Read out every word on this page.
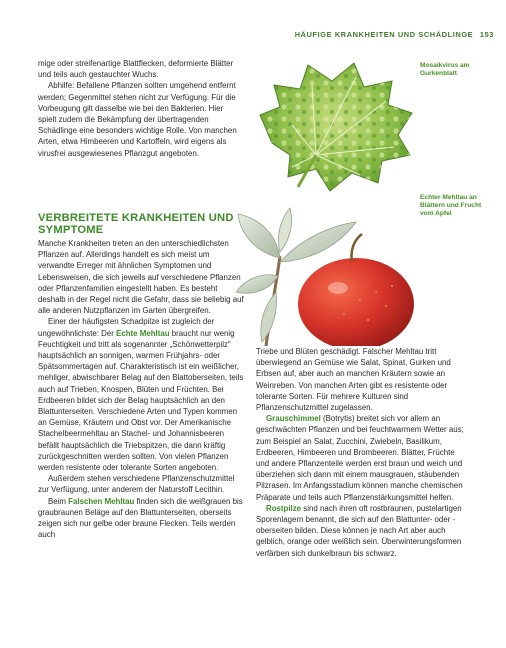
HÄUFIGE KRANKHEITEN UND SCHÄDLINGE 153

mige oder streifenartige Blattflecken, deformierte Blätter und teils auch gestauchter Wuchs.

Abhilfe: Befallene Pflanzen sollten umgehend entfernt werden; Gegenmittel stehen nicht zur Verfügung. Für die Vorbeugung gilt dasselbe wie bei den Bakterien. Hier spielt zudem die Bekämpfung der übertragenden Schädlinge eine besonders wichtige Rolle. Von manchen Arten, etwa Himbeeren und Kartoffeln, wird eigens als virusfrei ausgewiesenes Pflanzgut angeboten.

VERBREITETE KRANKHEITEN UND SYMPTOME

Manche Krankheiten treten an den unterschiedlichsten Pflanzen auf. Allerdings handelt es sich meist um verwandte Erreger mit ähnlichen Symptomen und Lebensweisen, die sich jeweils auf verschiedene Pflanzen oder Pflanzenfamilien eingestellt haben. Es besteht deshalb in der Regel nicht die Gefahr, dass sie beliebig auf alle anderen Nutzpflanzen im Garten übergreifen.

Einer der häufigsten Schadpilze ist zugleich der ungewöhnlichste: Der Echte Mehltau braucht nur wenig Feuchtigkeit und tritt als sogenannter „Schönwetterpilz" hauptsächlich an sonnigen, warmen Frühjahrs- oder Spätsommertagen auf. Charakteristisch ist ein weißlicher, mehliger, abwischbarer Belag auf den Blattoberseiten, teils auch auf Trieben, Knospen, Blüten und Früchten. Bei Erdbeeren bildet sich der Belag hauptsächlich an den Blattunterseiten. Verschiedene Arten und Typen kommen an Gemüse, Kräutern und Obst vor. Der Amerikanische Stachelbeermehltau an Stachel- und Johannisbeeren befällt hauptsächlich die Triebspitzen, die dann kräftig zurückgeschnitten werden sollten. Von vielen Pflanzen werden resistente oder tolerante Sorten angeboten.

Außerdem stehen verschiedene Pflanzenschutzmittel zur Verfügung, unter anderem der Naturstoff Lecithin.

Beim Falschen Mehltau finden sich die weißgrauen bis graubraunen Beläge auf den Blattunterseiten, oberseits zeigen sich nur gelbe oder braune Flecken. Teils werden auch

Triebe und Blüten geschädigt. Falscher Mehltau tritt überwiegend an Gemüse wie Salat, Spinat, Gurken und Erbsen auf, aber auch an manchen Kräutern sowie an Weinreben. Von manchen Arten gibt es resistente oder tolerante Sorten. Für mehrere Kulturen sind Pflanzenschutzmittel zugelassen.

Grauschimmel (Botrytis) breitet sich vor allem an geschwächten Pflanzen und bei feuchtwarmem Wetter aus; zum Beispiel an Salat, Zucchini, Zwiebeln, Basilikum, Erdbeeren, Himbeeren und Brombeeren. Blätter, Früchte und andere Pflanzenteile werden erst braun und weich und überziehen sich dann mit einem mausgrauen, stäubenden Pilzrasen. Im Anfangsstadium können manche chemischen Präparate und teils auch Pflanzenstärkungsmittel helfen.

Rostpilze sind nach ihren oft rostbraunen, pustelartigen Sporenlagern benannt, die sich auf den Blattunter- oder -oberseiten bilden. Diese können je nach Art aber auch gelblich, orange oder weißlich sein. Überwinterungsformen verfärben sich dunkelbraun bis schwarz.

Mosaikvirus am Gurkenblatt
Echter Mehltau an Blättern und Frucht vom Apfel
